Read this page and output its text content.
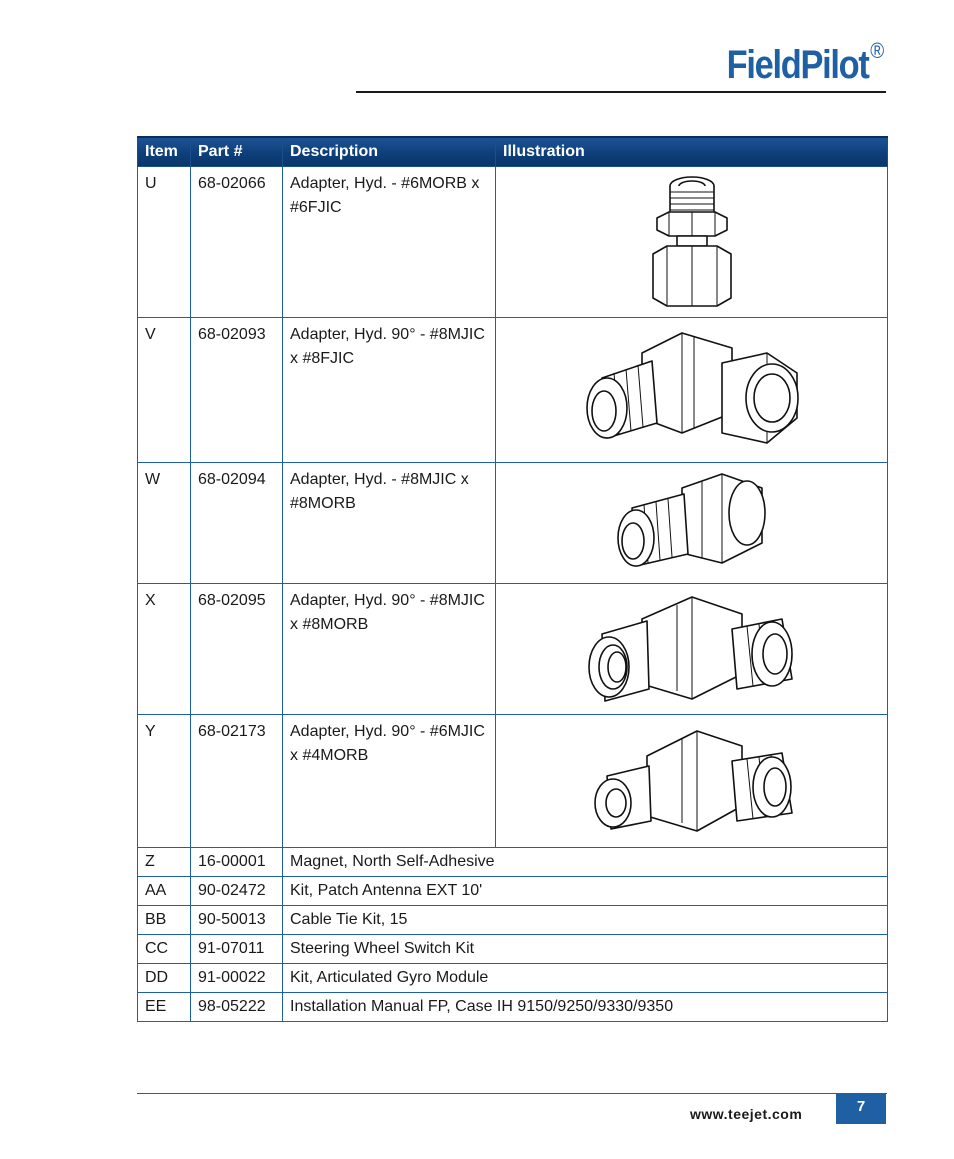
FieldPilot®
Item	Part #	Description	Illustration
U	68-02066	Adapter, Hyd. - #6MORB x #6FJIC	

V	68-02093	Adapter, Hyd. 90° - #8MJIC x #8FJIC	

W	68-02094	Adapter, Hyd. - #8MJIC x #8MORB	

X	68-02095	Adapter, Hyd. 90° - #8MJIC x #8MORB	

Y	68-02173	Adapter, Hyd. 90° - #6MJIC x #4MORB	

Z	16-00001	Magnet, North Self-Adhesive	
AA	90-02472	Kit, Patch Antenna EXT 10'	
BB	90-50013	Cable Tie Kit, 15	
CC	91-07011	Steering Wheel Switch Kit	
DD	91-00022	Kit, Articulated Gyro Module	
EE	98-05222	Installation Manual FP, Case IH 9150/9250/9330/9350	
www.teejet.com	7
